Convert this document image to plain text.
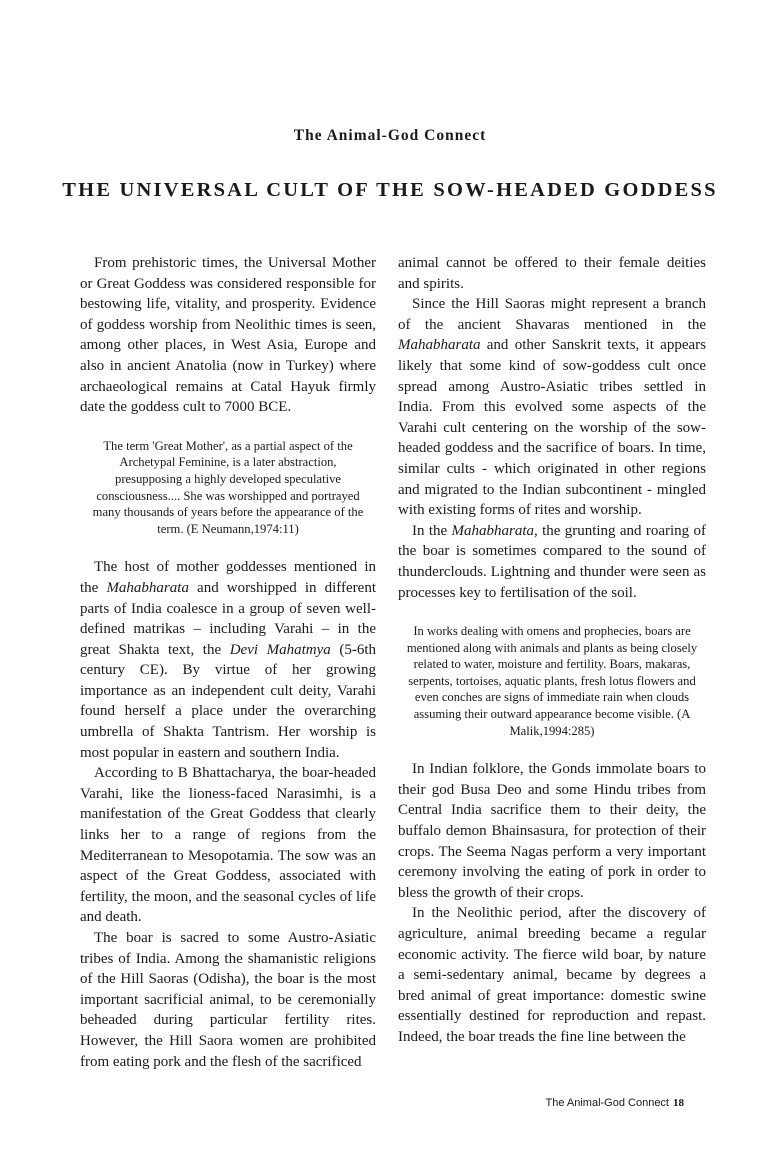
The Animal-God Connect
THE UNIVERSAL CULT OF THE SOW-HEADED GODDESS

From prehistoric times, the Universal Mother or Great Goddess was considered responsible for bestowing life, vitality, and prosperity. Evidence of goddess worship from Neolithic times is seen, among other places, in West Asia, Europe and also in ancient Anatolia (now in Turkey) where archaeological remains at Catal Hayuk firmly date the goddess cult to 7000 BCE.

The term 'Great Mother', as a partial aspect of the Archetypal Feminine, is a later abstraction, presupposing a highly developed speculative consciousness.... She was worshipped and portrayed many thousands of years before the appearance of the term. (E Neumann,1974:11)

The host of mother goddesses mentioned in the Mahabharata and worshipped in different parts of India coalesce in a group of seven well-defined matrikas – including Varahi – in the great Shakta text, the Devi Mahatmya (5-6th century CE). By virtue of her growing importance as an independent cult deity, Varahi found herself a place under the overarching umbrella of Shakta Tantrism. Her worship is most popular in eastern and southern India.

According to B Bhattacharya, the boar-headed Varahi, like the lioness-faced Narasimhi, is a manifestation of the Great Goddess that clearly links her to a range of regions from the Mediterranean to Mesopotamia. The sow was an aspect of the Great Goddess, associated with fertility, the moon, and the seasonal cycles of life and death.

The boar is sacred to some Austro-Asiatic tribes of India. Among the shamanistic religions of the Hill Saoras (Odisha), the boar is the most important sacrificial animal, to be ceremonially beheaded during particular fertility rites. However, the Hill Saora women are prohibited from eating pork and the flesh of the sacrificed

animal cannot be offered to their female deities and spirits.

Since the Hill Saoras might represent a branch of the ancient Shavaras mentioned in the Mahabharata and other Sanskrit texts, it appears likely that some kind of sow-goddess cult once spread among Austro-Asiatic tribes settled in India. From this evolved some aspects of the Varahi cult centering on the worship of the sow-headed goddess and the sacrifice of boars. In time, similar cults - which originated in other regions and migrated to the Indian subcontinent - mingled with existing forms of rites and worship.

In the Mahabharata, the grunting and roaring of the boar is sometimes compared to the sound of thunderclouds. Lightning and thunder were seen as processes key to fertilisation of the soil.

In works dealing with omens and prophecies, boars are mentioned along with animals and plants as being closely related to water, moisture and fertility. Boars, makaras, serpents, tortoises, aquatic plants, fresh lotus flowers and even conches are signs of immediate rain when clouds assuming their outward appearance become visible. (A Malik,1994:285)

In Indian folklore, the Gonds immolate boars to their god Busa Deo and some Hindu tribes from Central India sacrifice them to their deity, the buffalo demon Bhainsasura, for protection of their crops. The Seema Nagas perform a very important ceremony involving the eating of pork in order to bless the growth of their crops.

In the Neolithic period, after the discovery of agriculture, animal breeding became a regular economic activity. The fierce wild boar, by nature a semi-sedentary animal, became by degrees a bred animal of great importance: domestic swine essentially destined for reproduction and repast. Indeed, the boar treads the fine line between the

The Animal-God Connect 18
